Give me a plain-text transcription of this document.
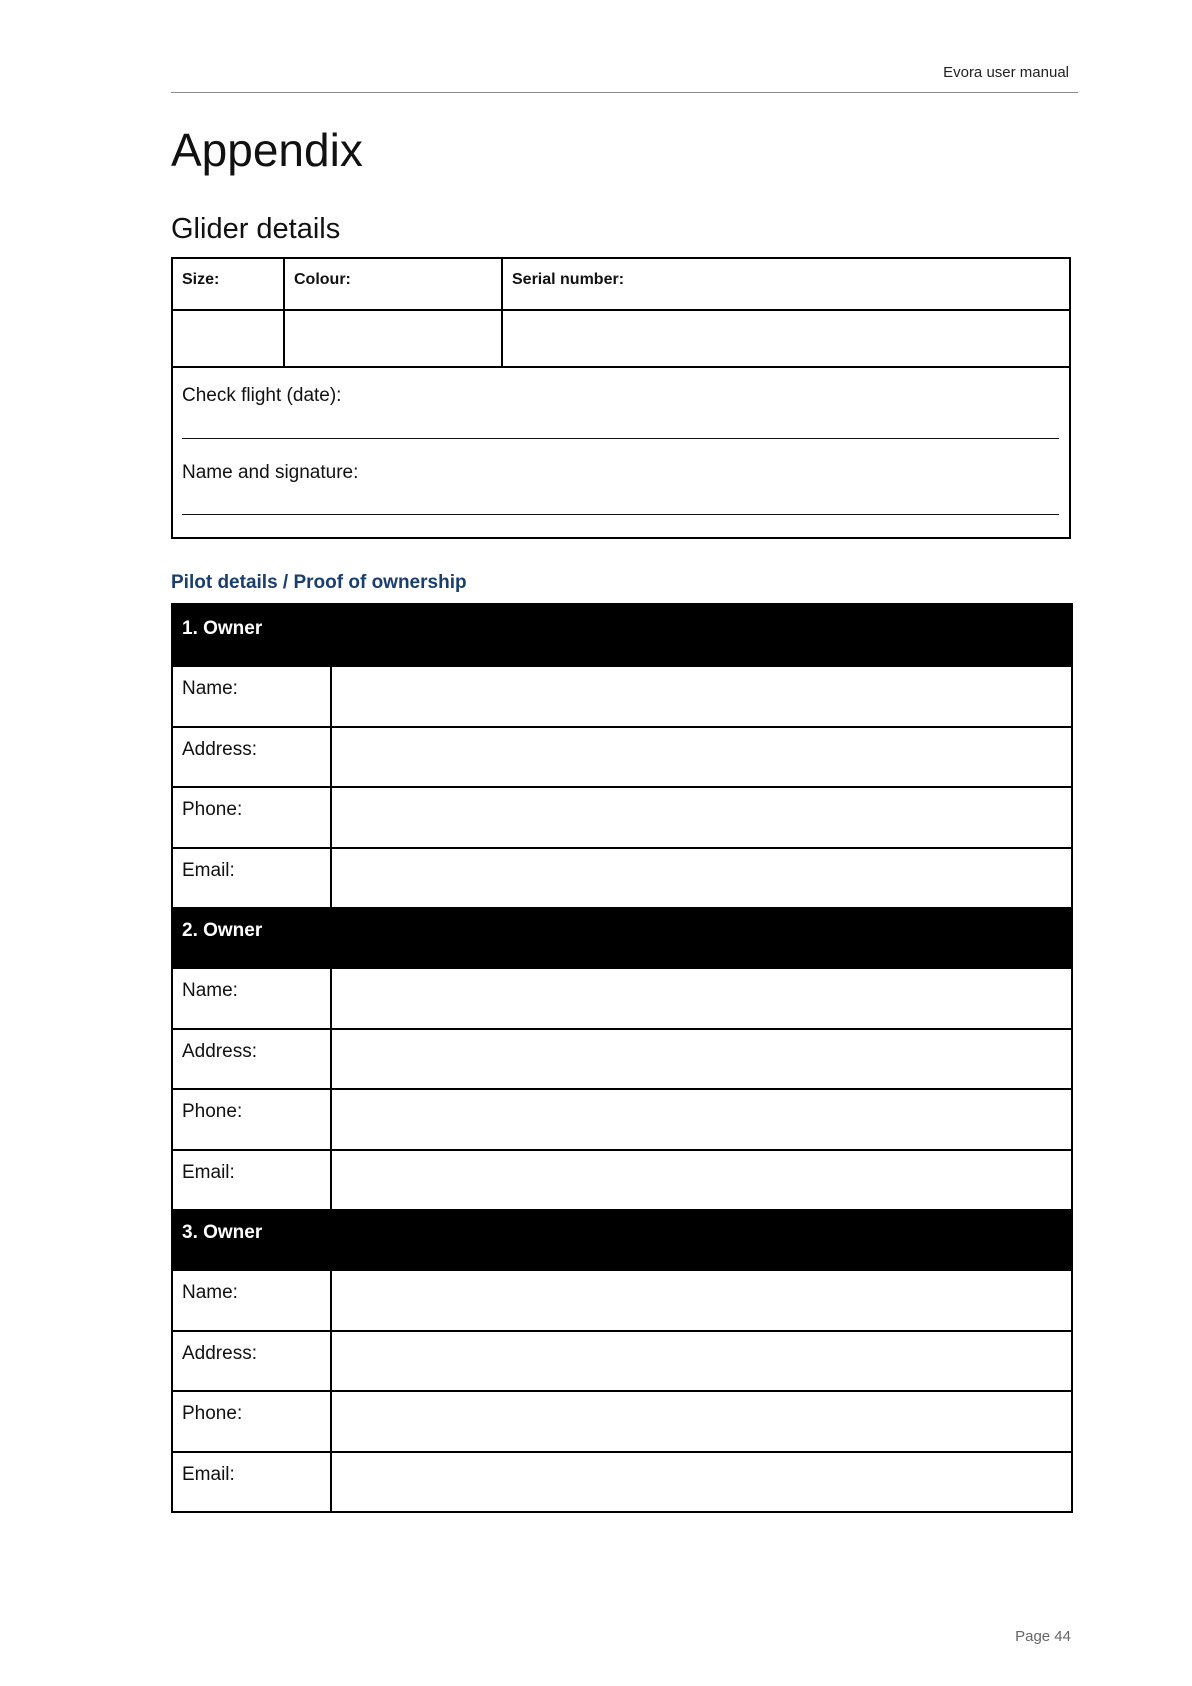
Evora user manual
Appendix
Glider details
Size:	Colour:	Serial number:
Check flight (date):
Name and signature:
Pilot details / Proof of ownership
1. Owner
Name:
Address:
Phone:
Email:
2. Owner
Name:
Address:
Phone:
Email:
3. Owner
Name:
Address:
Phone:
Email:
Page 44
